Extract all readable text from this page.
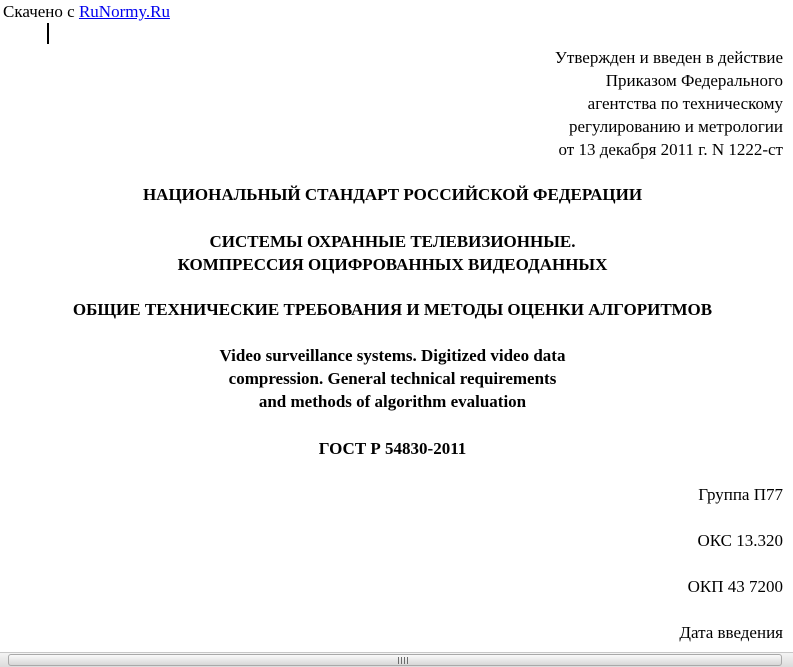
Скачено с RuNormy.Ru
Утвержден и введен в действие
Приказом Федерального
агентства по техническому
регулированию и метрологии
от 13 декабря 2011 г. N 1222-ст
НАЦИОНАЛЬНЫЙ СТАНДАРТ РОССИЙСКОЙ ФЕДЕРАЦИИ
СИСТЕМЫ ОХРАННЫЕ ТЕЛЕВИЗИОННЫЕ.
КОМПРЕССИЯ ОЦИФРОВАННЫХ ВИДЕОДАННЫХ
ОБЩИЕ ТЕХНИЧЕСКИЕ ТРЕБОВАНИЯ И МЕТОДЫ ОЦЕНКИ АЛГОРИТМОВ
Video surveillance systems. Digitized video data
compression. General technical requirements
and methods of algorithm evaluation
ГОСТ Р 54830-2011
Группа П77
ОКС 13.320
ОКП 43 7200
Дата введения
